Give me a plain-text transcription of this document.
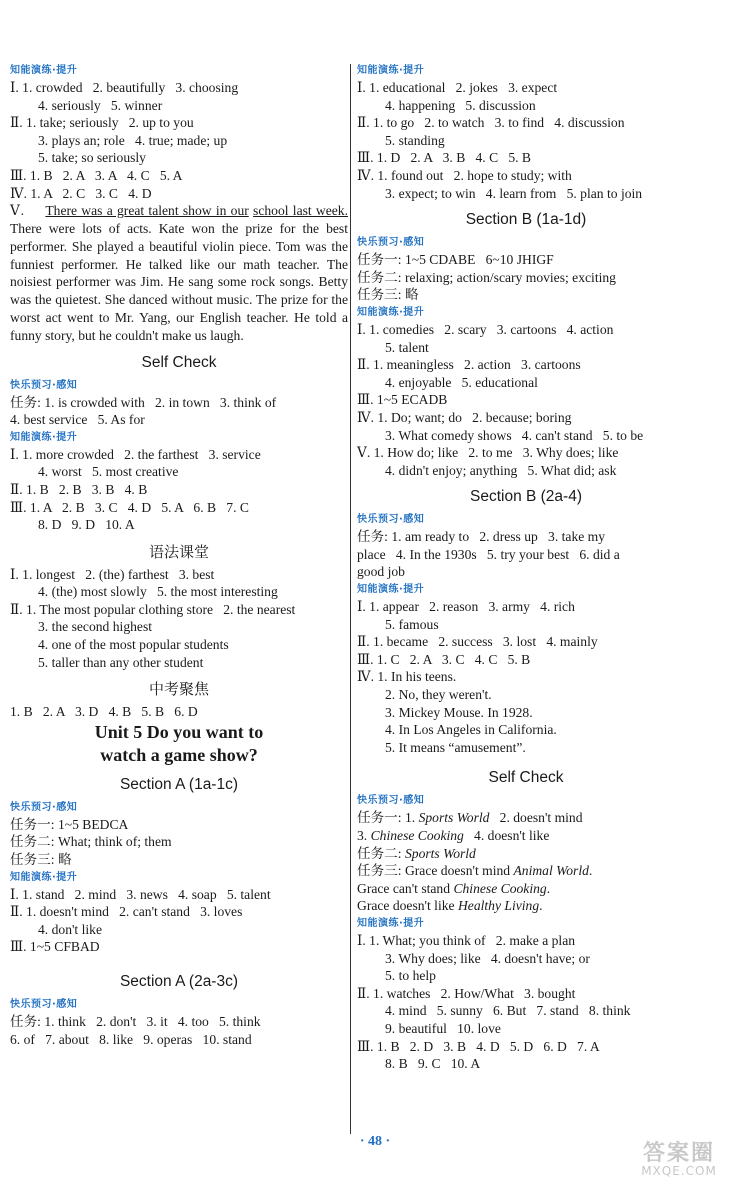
知能演练·提升
Ⅰ. 1. crowded   2. beautifully   3. choosing
4. seriously   5. winner
Ⅱ. 1. take; seriously   2. up to you
3. plays an; role   4. true; made; up
5. take; so seriously
Ⅲ. 1. B   2. A   3. A   4. C   5. A
Ⅳ. 1. A   2. C   3. C   4. D
Ⅴ. There was a great talent show in our school last week. There were lots of acts. Kate won the prize for the best performer. She played a beautiful violin piece. Tom was the funniest performer. He talked like our math teacher. The noisiest performer was Jim. He sang some rock songs. Betty was the quietest. She danced without music. The prize for the worst act went to Mr. Yang, our English teacher. He told a funny story, but he couldn't make us laugh.
Self Check
快乐预习·感知
任务: 1. is crowded with   2. in town   3. think of
4. best service   5. As for
知能演练·提升
Ⅰ. 1. more crowded   2. the farthest   3. service
4. worst   5. most creative
Ⅱ. 1. B   2. B   3. B   4. B
Ⅲ. 1. A   2. B   3. C   4. D   5. A   6. B   7. C
8. D   9. D   10. A
语法课堂
Ⅰ. 1. longest   2. (the) farthest   3. best
4. (the) most slowly   5. the most interesting
Ⅱ. 1. The most popular clothing store   2. the nearest
3. the second highest
4. one of the most popular students
5. taller than any other student
中考聚焦
1. B   2. A   3. D   4. B   5. B   6. D
Unit 5 Do you want to
watch a game show?
Section A (1a-1c)
快乐预习·感知
任务一: 1~5 BEDCA
任务二: What; think of; them
任务三: 略
知能演练·提升
Ⅰ. 1. stand   2. mind   3. news   4. soap   5. talent
Ⅱ. 1. doesn't mind   2. can't stand   3. loves
4. don't like
Ⅲ. 1~5 CFBAD
Section A (2a-3c)
快乐预习·感知
任务: 1. think   2. don't   3. it   4. too   5. think
6. of   7. about   8. like   9. operas   10. stand
知能演练·提升
Ⅰ. 1. educational   2. jokes   3. expect
4. happening   5. discussion
Ⅱ. 1. to go   2. to watch   3. to find   4. discussion
5. standing
Ⅲ. 1. D   2. A   3. B   4. C   5. B
Ⅳ. 1. found out   2. hope to study; with
3. expect; to win   4. learn from   5. plan to join
Section B (1a-1d)
快乐预习·感知
任务一: 1~5 CDABE   6~10 JHIGF
任务二: relaxing; action/scary movies; exciting
任务三: 略
知能演练·提升
Ⅰ. 1. comedies   2. scary   3. cartoons   4. action
5. talent
Ⅱ. 1. meaningless   2. action   3. cartoons
4. enjoyable   5. educational
Ⅲ. 1~5 ECADB
Ⅳ. 1. Do; want; do   2. because; boring
3. What comedy shows   4. can't stand   5. to be
Ⅴ. 1. How do; like   2. to me   3. Why does; like
4. didn't enjoy; anything   5. What did; ask
Section B (2a-4)
快乐预习·感知
任务: 1. am ready to   2. dress up   3. take my
place   4. In the 1930s   5. try your best   6. did a
good job
知能演练·提升
Ⅰ. 1. appear   2. reason   3. army   4. rich
5. famous
Ⅱ. 1. became   2. success   3. lost   4. mainly
Ⅲ. 1. C   2. A   3. C   4. C   5. B
Ⅳ. 1. In his teens.
2. No, they weren't.
3. Mickey Mouse. In 1928.
4. In Los Angeles in California.
5. It means “amusement”.
Self Check
快乐预习·感知
任务一: 1. Sports World   2. doesn't mind
3. Chinese Cooking   4. doesn't like
任务二: Sports World
任务三: Grace doesn't mind Animal World.
Grace can't stand Chinese Cooking.
Grace doesn't like Healthy Living.
知能演练·提升
Ⅰ. 1. What; you think of   2. make a plan
3. Why does; like   4. doesn't have; or
5. to help
Ⅱ. 1. watches   2. How/What   3. bought
4. mind   5. sunny   6. But   7. stand   8. think
9. beautiful   10. love
Ⅲ. 1. B   2. D   3. B   4. D   5. D   6. D   7. A
8. B   9. C   10. A
· 48 ·	答案圈
MXQE.COM
